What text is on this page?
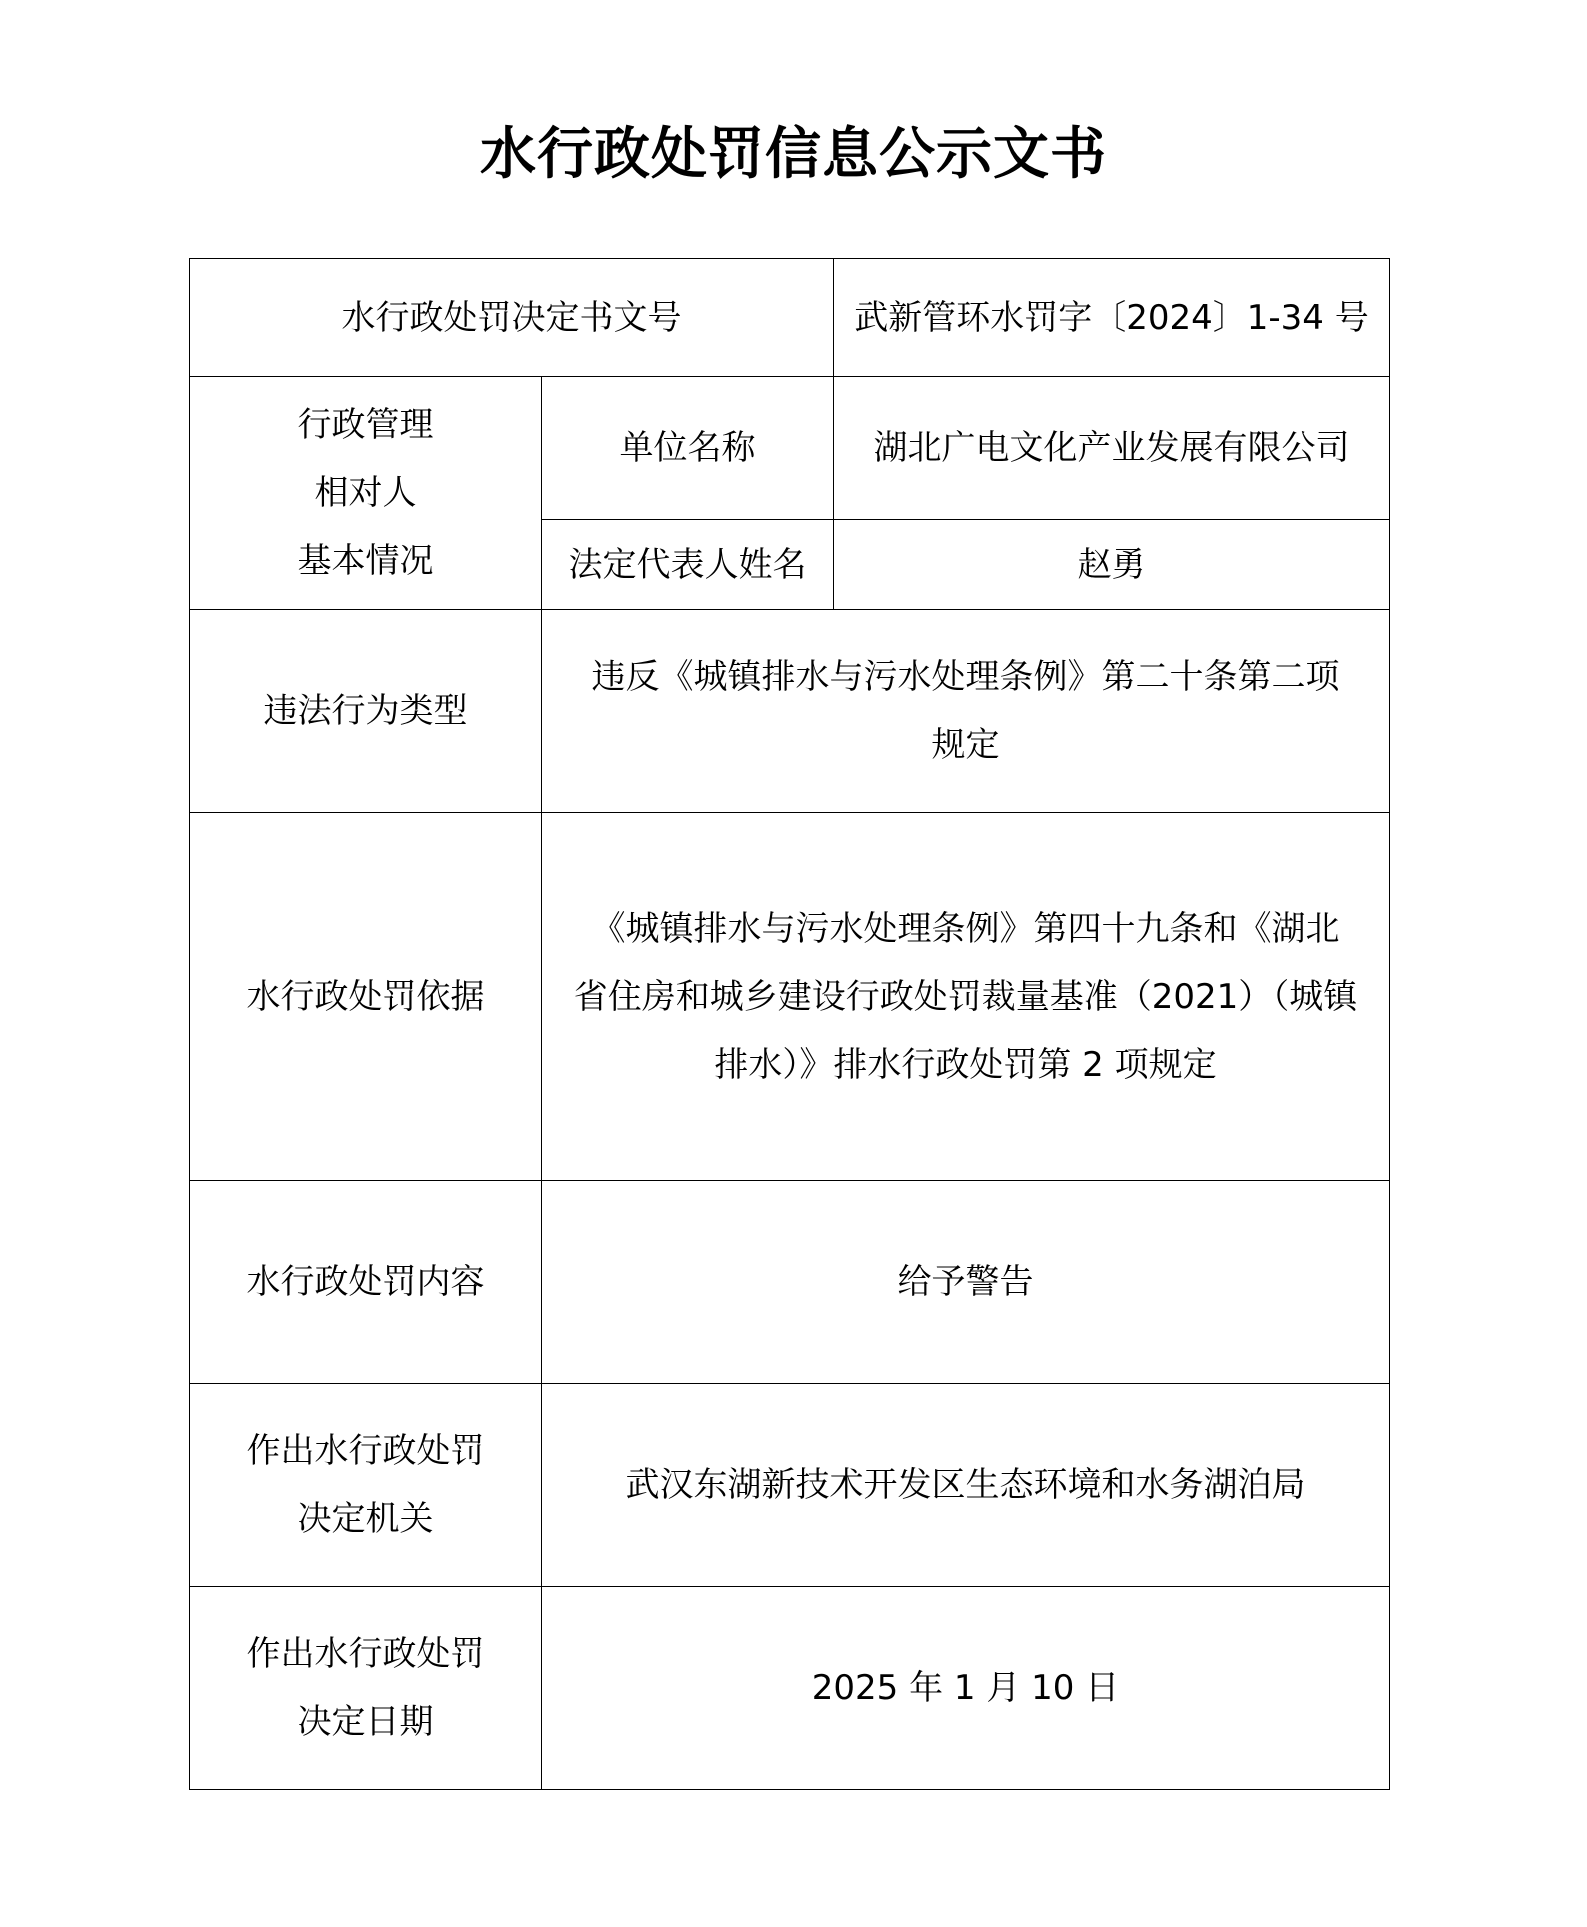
水行政处罚信息公示文书
水行政处罚决定书文号		武新管环水罚字〔2024〕1-34 号

行政管理
相对人
基本情况	单位名称	湖北广电文化产业发展有限公司
	法定代表人姓名	赵勇
违法行为类型	违反《城镇排水与污水处理条例》第二十条第二项
规定	

水行政处罚依据	《城镇排水与污水处理条例》第四十九条和《湖北
省住房和城乡建设行政处罚裁量基准（2021）（城镇
排水）》排水行政处罚第 2 项规定	

水行政处罚内容	给予警告	

作出水行政处罚
决定机关	武汉东湖新技术开发区生态环境和水务湖泊局	

作出水行政处罚
决定日期	2025 年 1 月 10 日	
